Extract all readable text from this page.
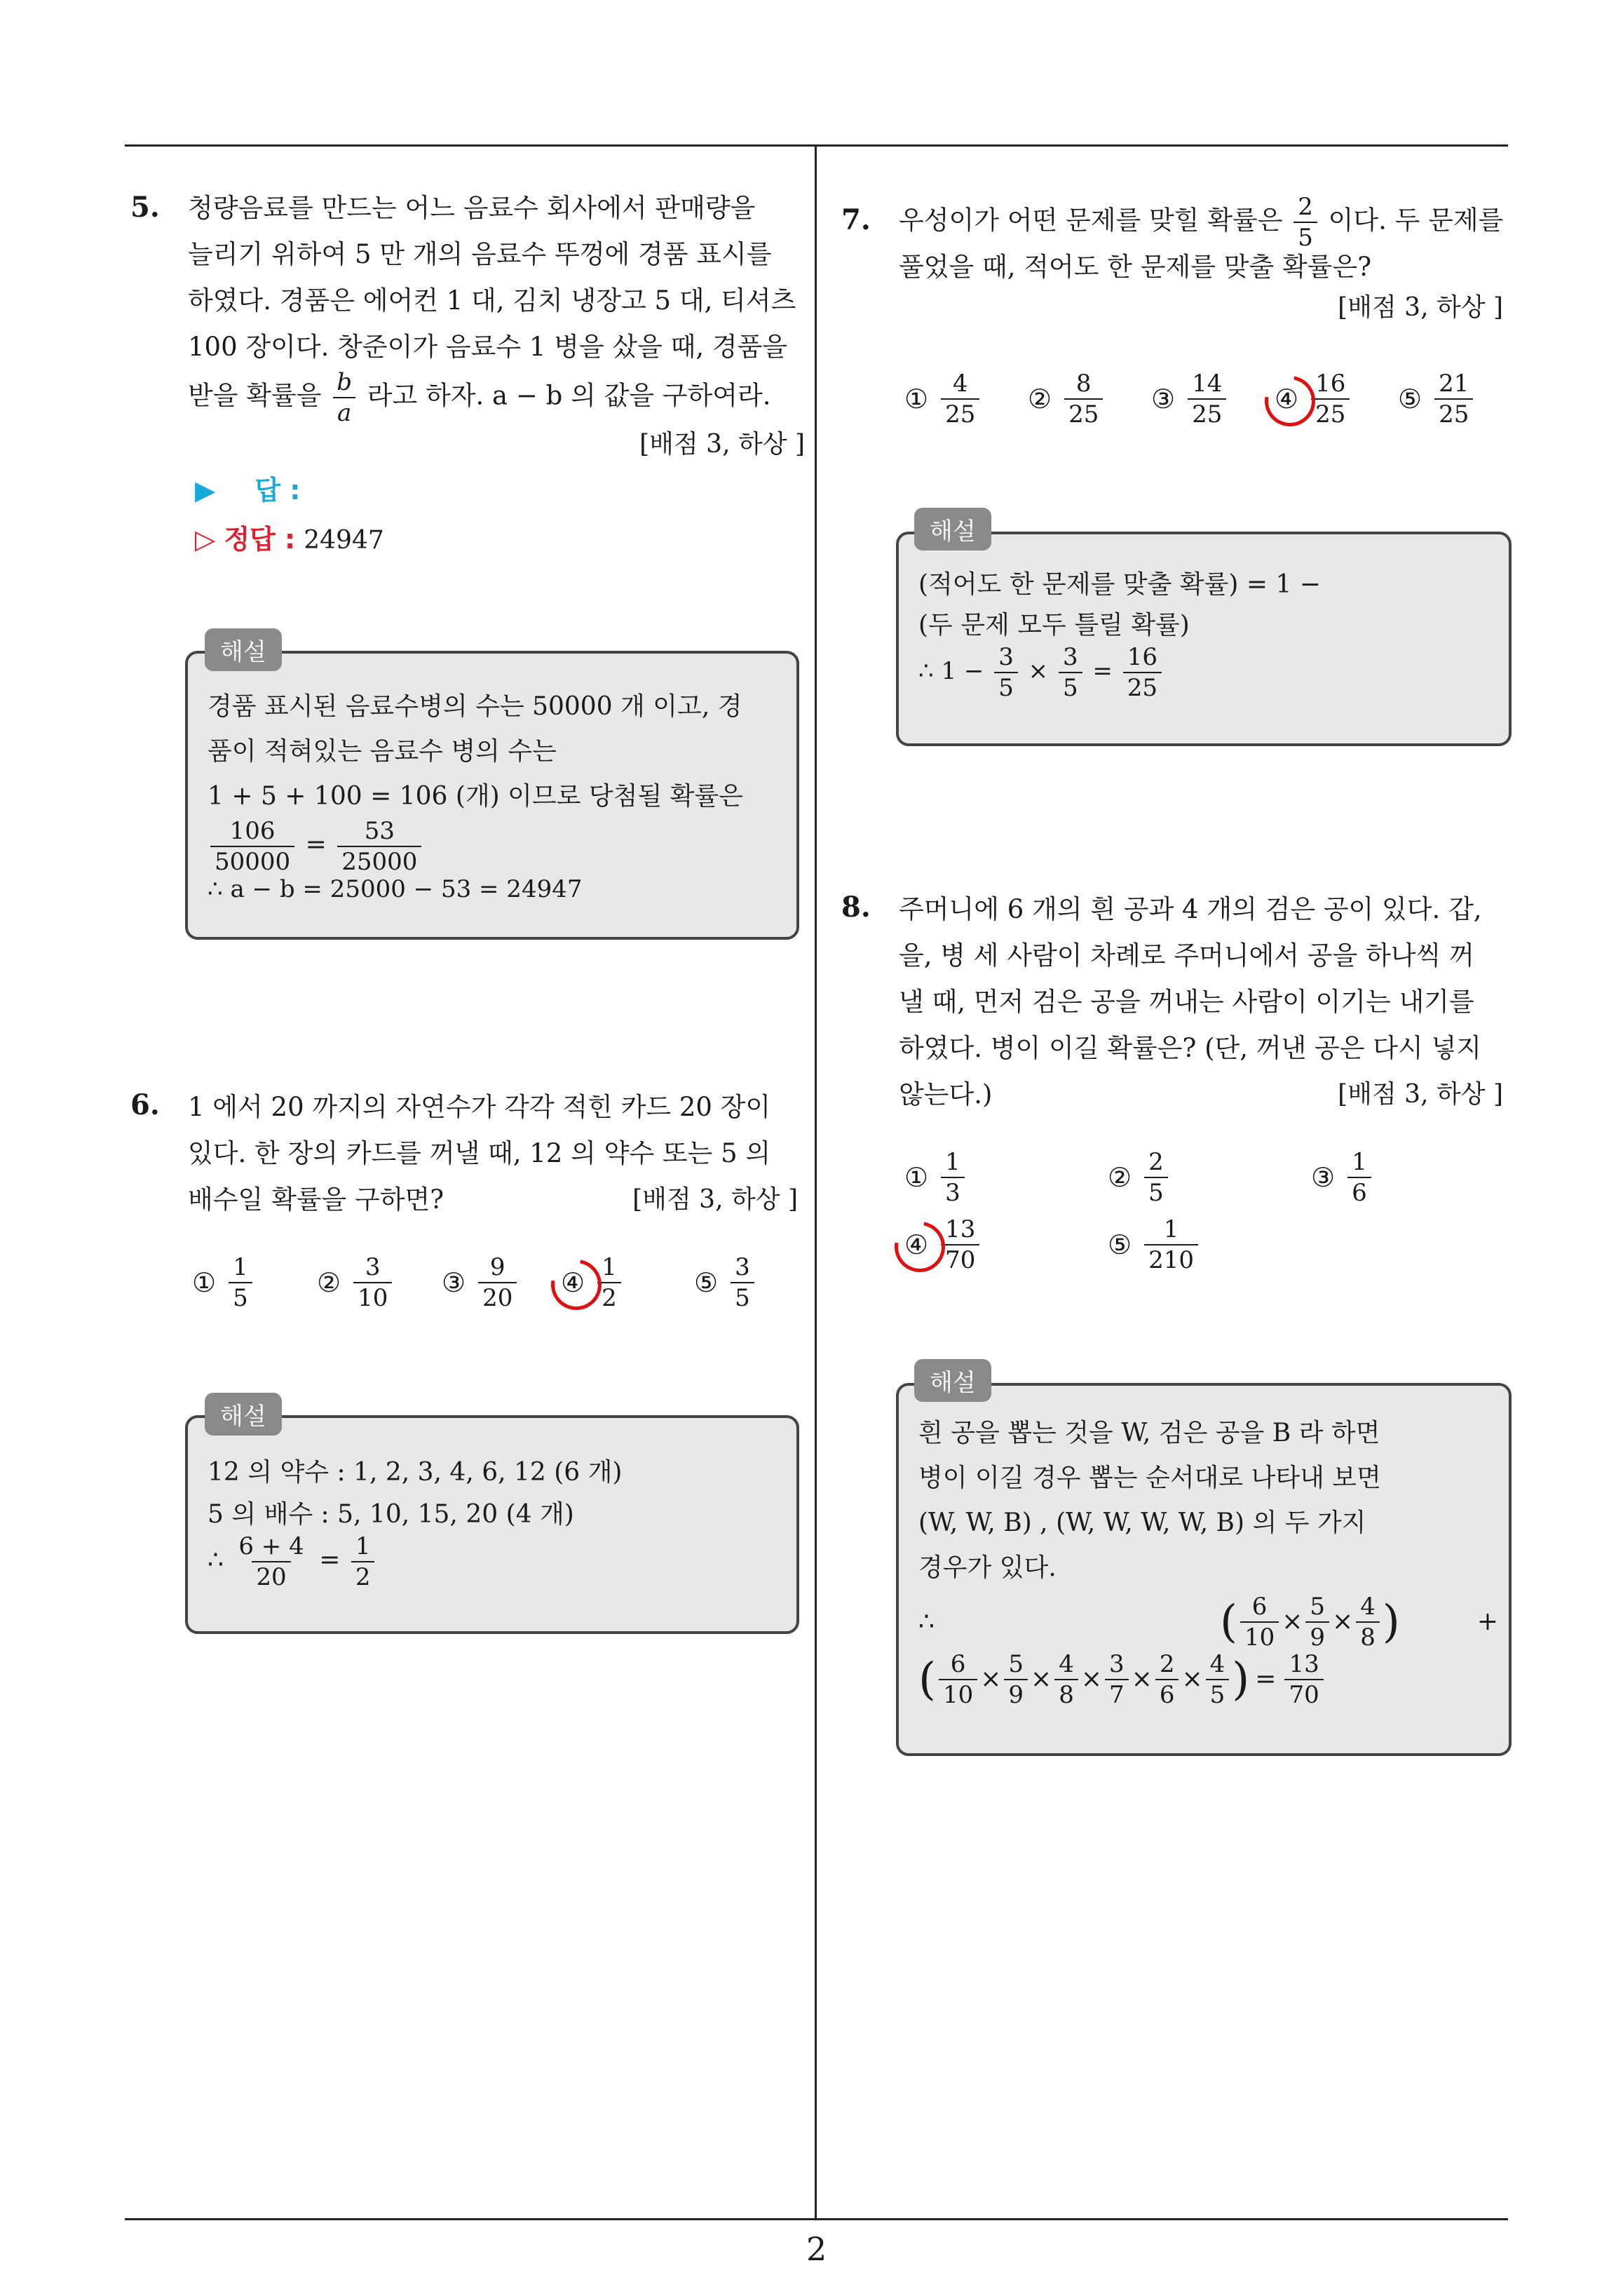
5. 청량음료를 만드는 어느 음료수 회사에서 판매량을

늘리기 위하여 5 만 개의 음료수 뚜껑에 경품 표시를

하였다. 경품은 에어컨 1 대, 김치 냉장고 5 대, 티셔츠

100 장이다. 창준이가 음료수 1 병을 샀을 때, 경품을

받을 확률을 $\frac{b}{a}$ 라고 하자. a − b 의 값을 구하여라.

[배점 3, 하상 ]

▶ 답 :
▷ 정답 : 24947
해설

경품 표시된 음료수병의 수는 50000 개 이고, 경

품이 적혀있는 음료수 병의 수는

1 + 5 + 100 = 106 (개) 이므로 당첨될 확률은

$\frac{106}{50000} = \frac{53}{25000}$

∴ a − b = 25000 − 53 = 24947

6. 1 에서 20 까지의 자연수가 각각 적힌 카드 20 장이

있다. 한 장의 카드를 꺼낼 때, 12 의 약수 또는 5 의

배수일 확률을 구하면?	[배점 3, 하상 ]

① $\frac{1}{5}$ ② $\frac{3}{10}$ ③ $\frac{9}{20}$ ④ $\frac{1}{2}$	⑤ $\frac{3}{5}$
해설

12 의 약수 : 1, 2, 3, 4, 6, 12 (6 개)

5 의 배수 : 5, 10, 15, 20 (4 개)

∴ $\frac{6 + 4}{20} = \frac{1}{2}$

7. 우성이가 어떤 문제를 맞힐 확률은 $\frac{2}{5}$ 이다. 두 문제를

풀었을 때, 적어도 한 문제를 맞출 확률은?

[배점 3, 하상 ]

① $\frac{4}{25}$ ② $\frac{8}{25}$ ③ $\frac{14}{25}$ ④ $\frac{16}{25}$ ⑤ $\frac{21}{25}$
해설

(적어도 한 문제를 맞출 확률) = 1 −

(두 문제 모두 틀릴 확률)

∴ $1 - \frac{3}{5} \times \frac{3}{5} = \frac{16}{25}$

8. 주머니에 6 개의 흰 공과 4 개의 검은 공이 있다. 갑,

을, 병 세 사람이 차례로 주머니에서 공을 하나씩 꺼

낼 때, 먼저 검은 공을 꺼내는 사람이 이기는 내기를

하였다. 병이 이길 확률은? (단, 꺼낸 공은 다시 넣지

않는다.)	[배점 3, 하상 ]

① $\frac{1}{3}$	② $\frac{2}{5}$	③ $\frac{1}{6}$
④ $\frac{13}{70}$	⑤ $\frac{1}{210}$
해설

흰 공을 뽑는 것을 W, 검은 공을 B 라 하면

병이 이길 경우 뽑는 순서대로 나타내 보면

(W, W, B) , (W, W, W, W, B) 의 두 가지

경우가 있다.

∴	( $\frac{6}{10} \times \frac{5}{9} \times \frac{4}{8}$ )	+

( $\frac{6}{10} \times \frac{5}{9} \times \frac{4}{8} \times \frac{3}{7} \times \frac{2}{6} \times \frac{4}{5}$ ) = $\frac{13}{70}$

2
